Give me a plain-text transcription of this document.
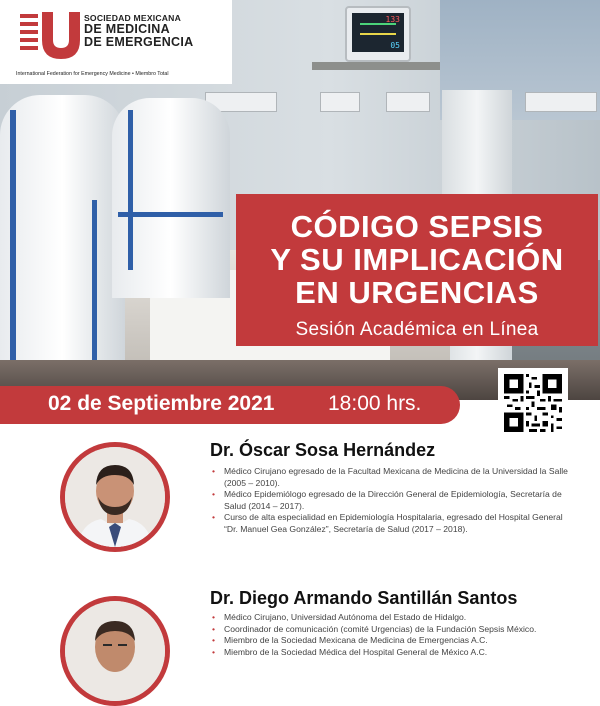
133
05
SOCIEDAD MEXICANA
DE MEDICINA
DE EMERGENCIA
International Federation for Emergency Medicine • Miembro Total
CÓDIGO SEPSIS
Y SU IMPLICACIÓN
EN URGENCIAS
Sesión Académica en Línea
02 de Septiembre 2021	18:00 hrs.
Dr. Óscar Sosa Hernández
• Médico Cirujano egresado de la Facultad Mexicana de Medicina de la Universidad la Salle (2005 – 2010).
• Médico Epidemiólogo egresado de la Dirección General de Epidemiología, Secretaría de Salud (2014 – 2017).
• Curso de alta especialidad en Epidemiología Hospitalaria, egresado del Hospital General “Dr. Manuel Gea González”, Secretaría de Salud (2017 – 2018).
Dr. Diego Armando Santillán Santos
• Médico Cirujano, Universidad Autónoma del Estado de Hidalgo.
• Coordinador de comunicación (comité Urgencias) de la Fundación Sepsis México.
• Miembro de la Sociedad Mexicana de Medicina de Emergencias A.C.
• Miembro de la Sociedad Médica del Hospital General de México A.C.
